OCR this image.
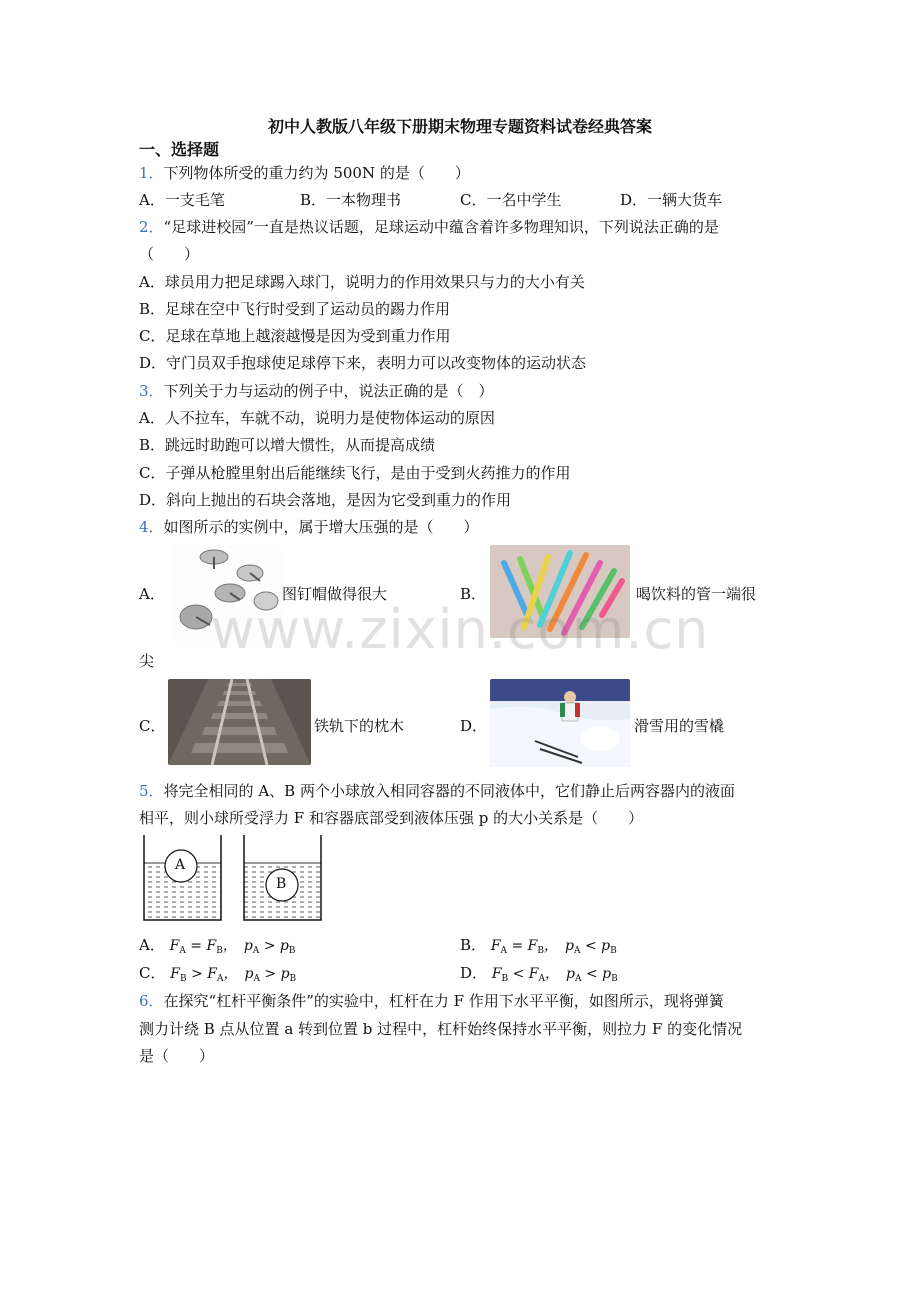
初中人教版八年级下册期末物理专题资料试卷经典答案
一、选择题
1．下列物体所受的重力约为 500N 的是（　　）
A．一支毛笔	B．一本物理书	C．一名中学生	D．一辆大货车
2．“足球进校园”一直是热议话题，足球运动中蕴含着许多物理知识，下列说法正确的是
（　　）
A．球员用力把足球踢入球门，说明力的作用效果只与力的大小有关
B．足球在空中飞行时受到了运动员的踢力作用
C．足球在草地上越滚越慢是因为受到重力作用
D．守门员双手抱球使足球停下来，表明力可以改变物体的运动状态
3．下列关于力与运动的例子中，说法正确的是（　）
A．人不拉车，车就不动，说明力是使物体运动的原因
B．跳远时助跑可以增大惯性，从而提高成绩
C．子弹从枪膛里射出后能继续飞行，是由于受到火药推力的作用
D．斜向上抛出的石块会落地，是因为它受到重力的作用
4．如图所示的实例中，属于增大压强的是（　　）
A．	图钉帽做得很大	B．	喝饮料的管一端很
尖
C．	铁轨下的枕木	D．	滑雪用的雪橇
www.zixin.com.cn
5．将完全相同的 A、B 两个小球放入相同容器的不同液体中，它们静止后两容器内的液面
相平，则小球所受浮力 F 和容器底部受到液体压强 p 的大小关系是（　　）
A
B
A． $F_A = F_B$，　$p_A > p_B$	B． $F_A = F_B$，　$p_A < p_B$
C． $F_B > F_A$，　$p_A > p_B$	D． $F_B < F_A$，　$p_A < p_B$
6．在探究“杠杆平衡条件”的实验中，杠杆在力 F 作用下水平平衡，如图所示，现将弹簧
测力计绕 B 点从位置 a 转到位置 b 过程中，杠杆始终保持水平平衡，则拉力 F 的变化情况
是（　　）
